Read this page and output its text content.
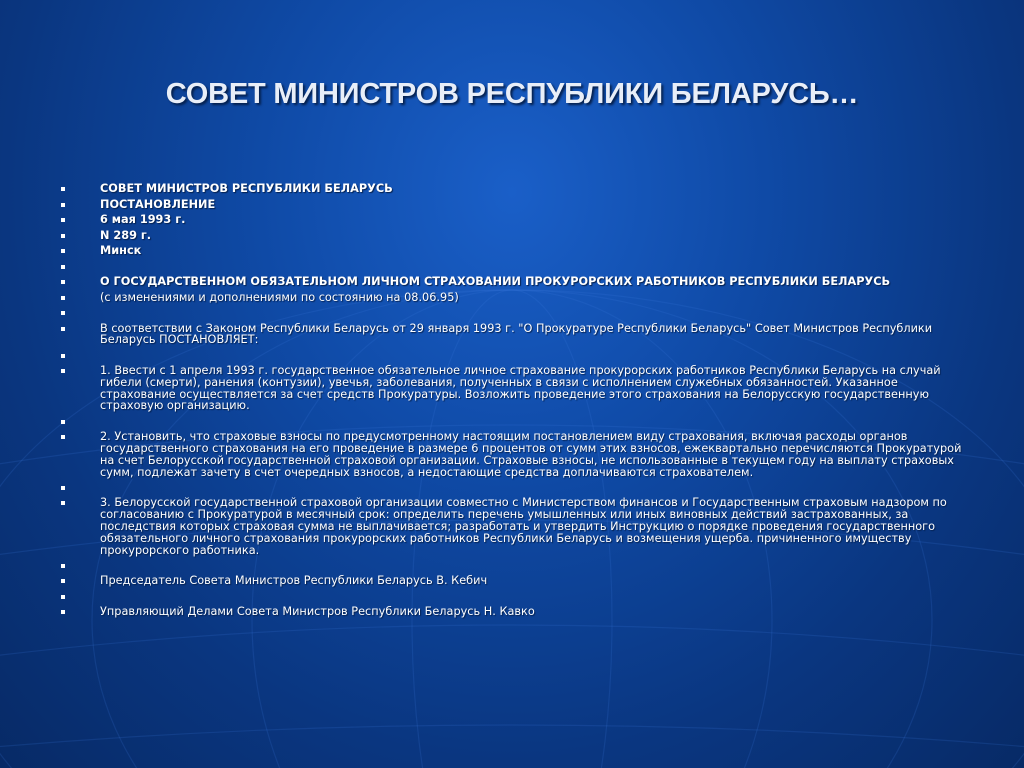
СОВЕТ МИНИСТРОВ РЕСПУБЛИКИ БЕЛАРУСЬ…
СОВЕТ МИНИСТРОВ РЕСПУБЛИКИ БЕЛАРУСЬ
ПОСТАНОВЛЕНИЕ
6 мая 1993 г.
N 289 г.
Минск
О ГОСУДАРСТВЕННОМ ОБЯЗАТЕЛЬНОМ ЛИЧНОМ СТРАХОВАНИИ ПРОКУРОРСКИХ РАБОТНИКОВ РЕСПУБЛИКИ БЕЛАРУСЬ
(с изменениями и дополнениями по состоянию на 08.06.95)
В соответствии с Законом Республики Беларусь от 29 января 1993 г. "О Прокуратуре Республики Беларусь" Совет Министров Республики Беларусь ПОСТАНОВЛЯЕТ:
1. Ввести с 1 апреля 1993 г. государственное обязательное личное страхование прокурорских работников Республики Беларусь на случай гибели (смерти), ранения (контузии), увечья, заболевания, полученных в связи с исполнением служебных обязанностей. Указанное страхование осуществляется за счет средств Прокуратуры. Возложить проведение этого страхования на Белорусскую государственную страховую организацию.
2. Установить, что страховые взносы по предусмотренному настоящим постановлением виду страхования, включая расходы органов государственного страхования на его проведение в размере 6 процентов от сумм этих взносов, ежеквартально перечисляются Прокуратурой на счет Белорусской государственной страховой организации. Страховые взносы, не использованные в текущем году на выплату страховых сумм, подлежат зачету в счет очередных взносов, а недостающие средства доплачиваются страхователем.
3. Белорусской государственной страховой организации совместно с Министерством финансов и Государственным страховым надзором по согласованию с Прокуратурой в месячный срок: определить перечень умышленных или иных виновных действий застрахованных, за последствия которых страховая сумма не выплачивается; разработать и утвердить Инструкцию о порядке проведения государственного обязательного личного страхования прокурорских работников Республики Беларусь и возмещения ущерба. причиненного имуществу прокурорского работника.
Председатель Совета Министров Республики Беларусь В. Кебич
Управляющий Делами Совета Министров Республики Беларусь Н. Кавко
